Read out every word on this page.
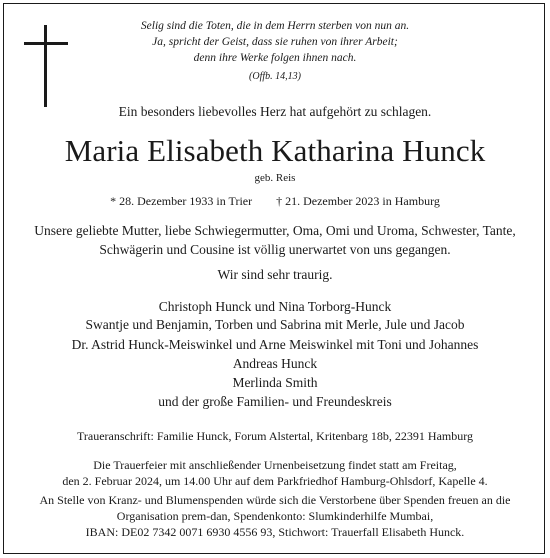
Selig sind die Toten, die in dem Herrn sterben von nun an.
Ja, spricht der Geist, dass sie ruhen von ihrer Arbeit;
denn ihre Werke folgen ihnen nach.
(Offb. 14,13)
Ein besonders liebevolles Herz hat aufgehört zu schlagen.
Maria Elisabeth Katharina Hunck
geb. Reis
* 28. Dezember 1933 in Trier † 21. Dezember 2023 in Hamburg
Unsere geliebte Mutter, liebe Schwiegermutter, Oma, Omi und Uroma, Schwester, Tante,
Schwägerin und Cousine ist völlig unerwartet von uns gegangen.
Wir sind sehr traurig.
Christoph Hunck und Nina Torborg-Hunck
Swantje und Benjamin, Torben und Sabrina mit Merle, Jule und Jacob
Dr. Astrid Hunck-Meiswinkel und Arne Meiswinkel mit Toni und Johannes
Andreas Hunck
Merlinda Smith
und der große Familien- und Freundeskreis
Traueranschrift: Familie Hunck, Forum Alstertal, Kritenbarg 18b, 22391 Hamburg
Die Trauerfeier mit anschließender Urnenbeisetzung findet statt am Freitag,
den 2. Februar 2024, um 14.00 Uhr auf dem Parkfriedhof Hamburg-Ohlsdorf, Kapelle 4.
An Stelle von Kranz- und Blumenspenden würde sich die Verstorbene über Spenden freuen an die
Organisation prem-dan, Spendenkonto: Slumkinderhilfe Mumbai,
IBAN: DE02 7342 0071 6930 4556 93, Stichwort: Trauerfall Elisabeth Hunck.
